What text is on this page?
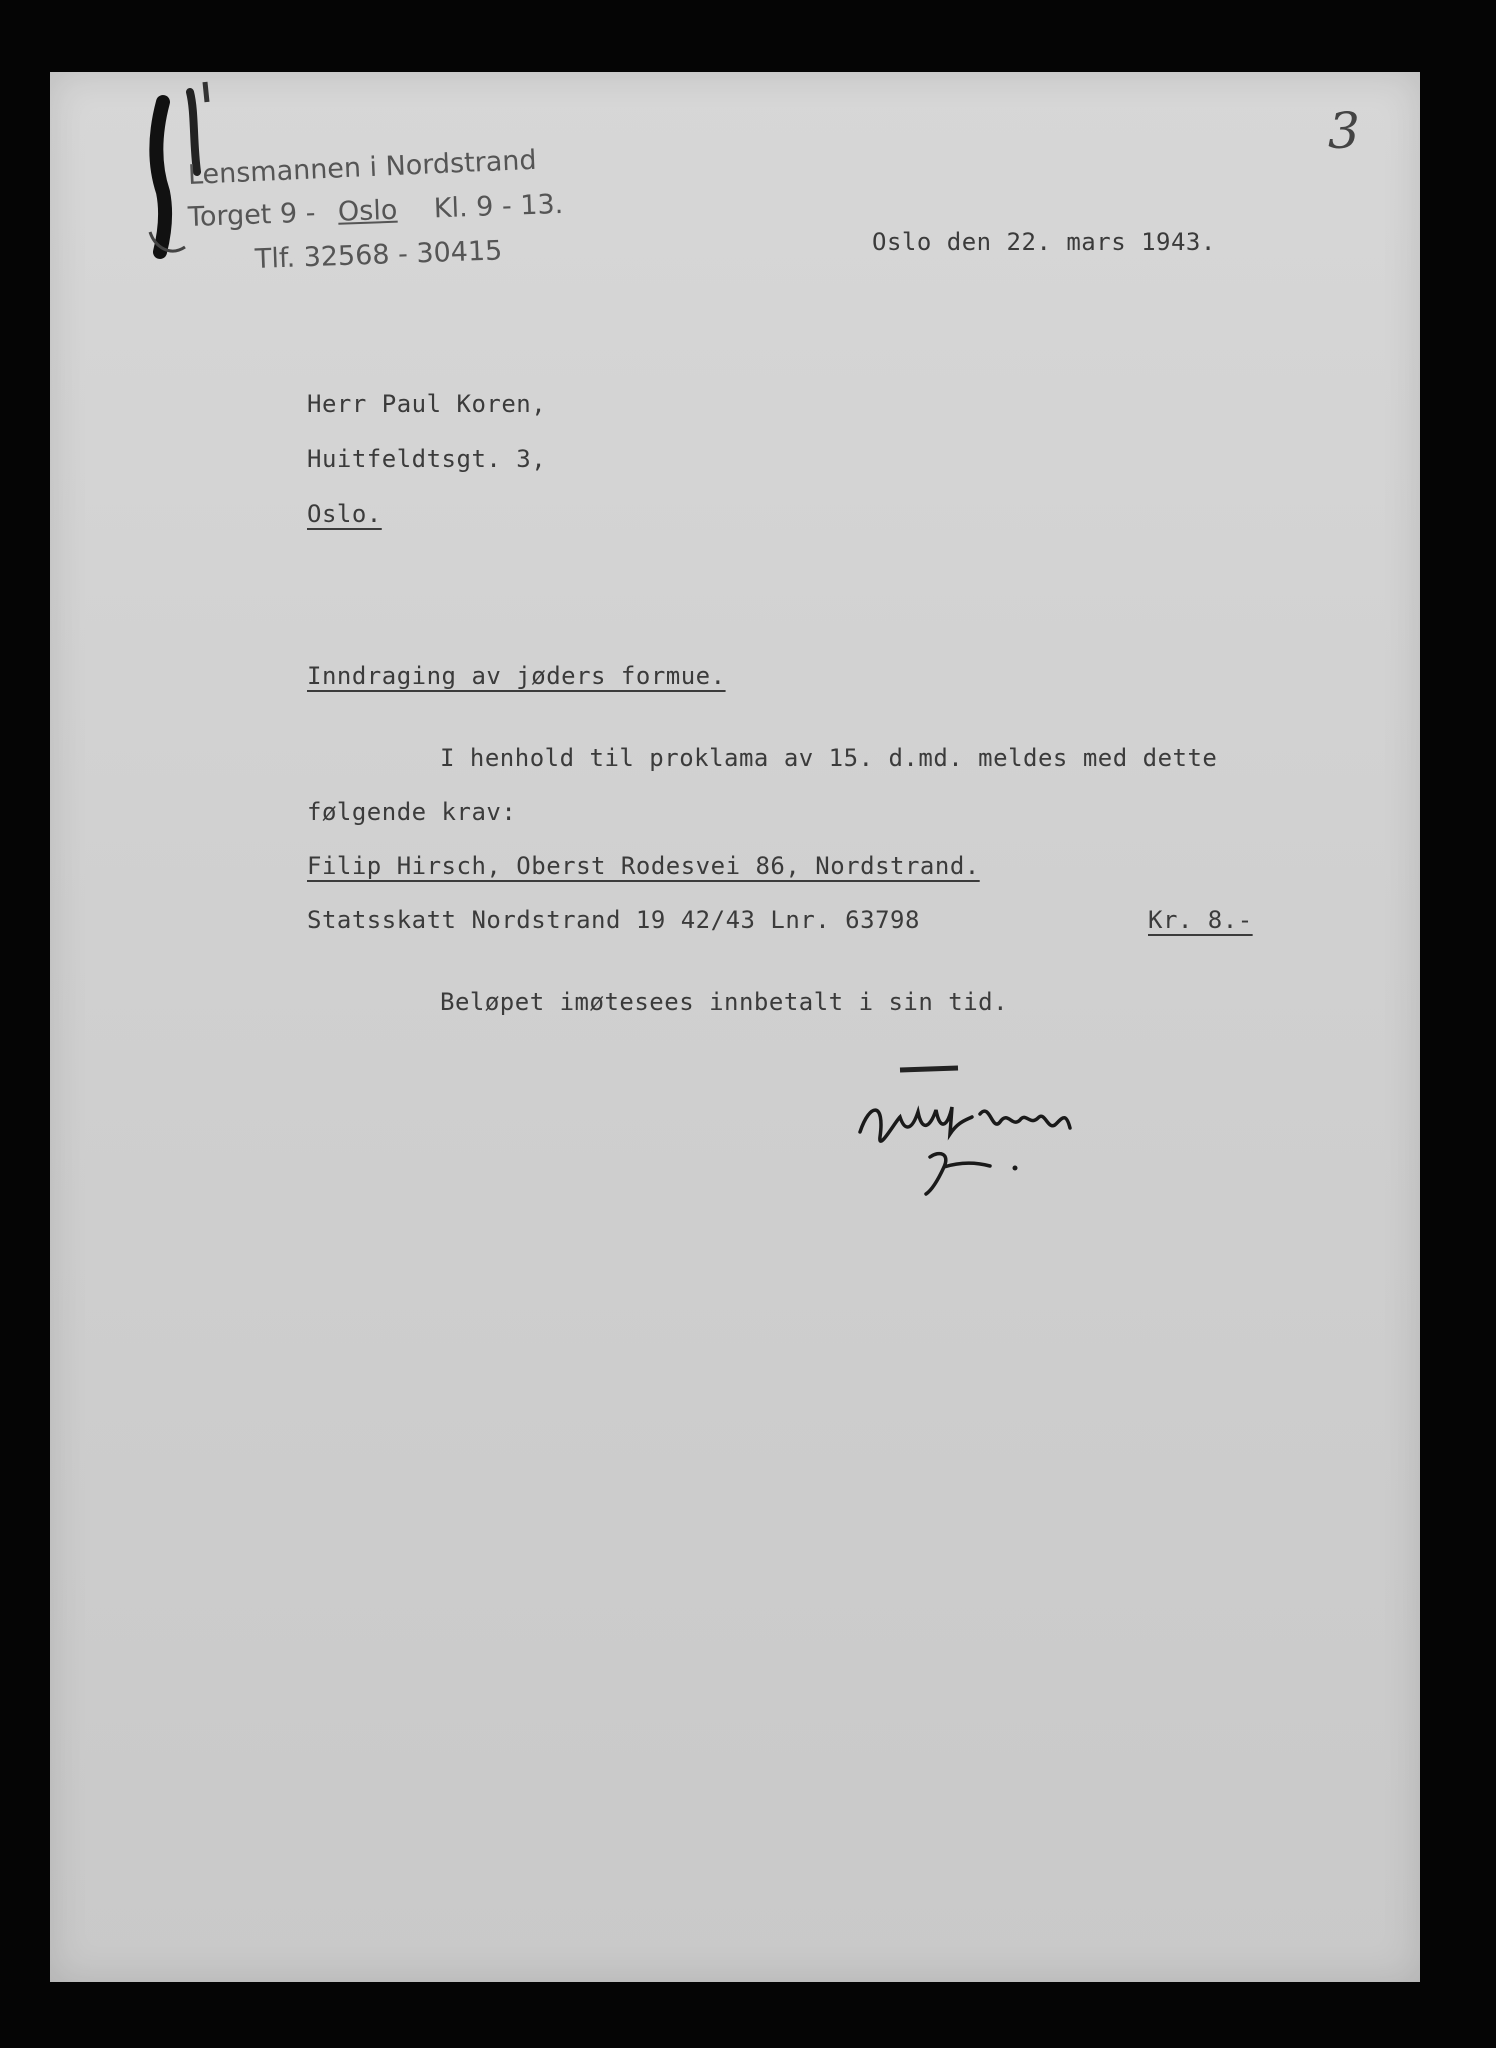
Lensmannen i Nordstrand
Torget 9 - Oslo Kl. 9 - 13.
Tlf. 32568 - 30415
3
Oslo den 22. mars 1943.
Herr Paul Koren,
Huitfeldtsgt. 3,
Oslo.
Inndraging av jøders formue.
I henhold til proklama av 15. d.md. meldes med dette
følgende krav:
Filip Hirsch, Oberst Rodesvei 86, Nordstrand.
Statsskatt Nordstrand 19 42/43 Lnr. 63798	Kr. 8.-
Beløpet imøtesees innbetalt i sin tid.
